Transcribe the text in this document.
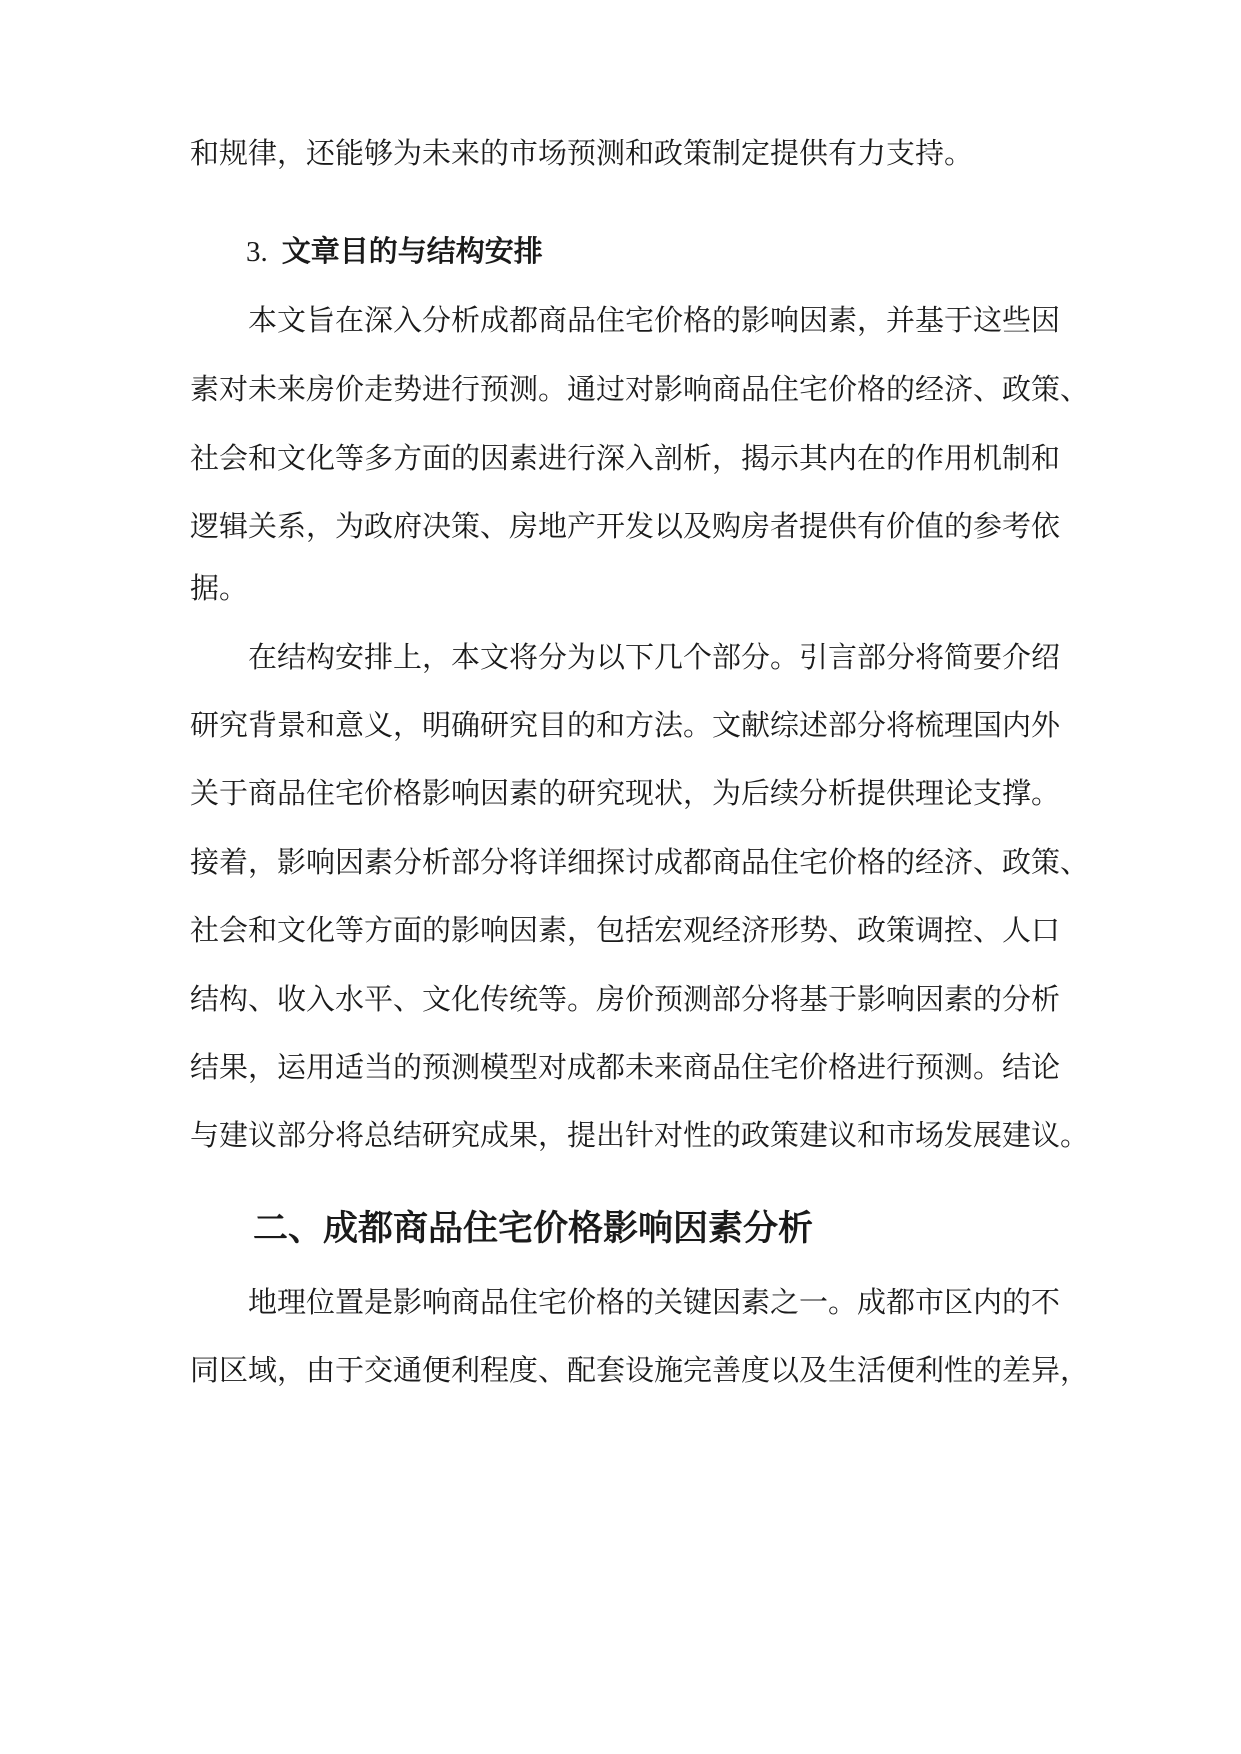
和规律，还能够为未来的市场预测和政策制定提供有力支持。
3. 文章目的与结构安排
本文旨在深入分析成都商品住宅价格的影响因素，并基于这些因
素对未来房价走势进行预测。通过对影响商品住宅价格的经济、政策、
社会和文化等多方面的因素进行深入剖析，揭示其内在的作用机制和
逻辑关系，为政府决策、房地产开发以及购房者提供有价值的参考依
据。
在结构安排上，本文将分为以下几个部分。引言部分将简要介绍
研究背景和意义，明确研究目的和方法。文献综述部分将梳理国内外
关于商品住宅价格影响因素的研究现状，为后续分析提供理论支撑。
接着，影响因素分析部分将详细探讨成都商品住宅价格的经济、政策、
社会和文化等方面的影响因素，包括宏观经济形势、政策调控、人口
结构、收入水平、文化传统等。房价预测部分将基于影响因素的分析
结果，运用适当的预测模型对成都未来商品住宅价格进行预测。结论
与建议部分将总结研究成果，提出针对性的政策建议和市场发展建议。
二、成都商品住宅价格影响因素分析
地理位置是影响商品住宅价格的关键因素之一。成都市区内的不
同区域，由于交通便利程度、配套设施完善度以及生活便利性的差异，
